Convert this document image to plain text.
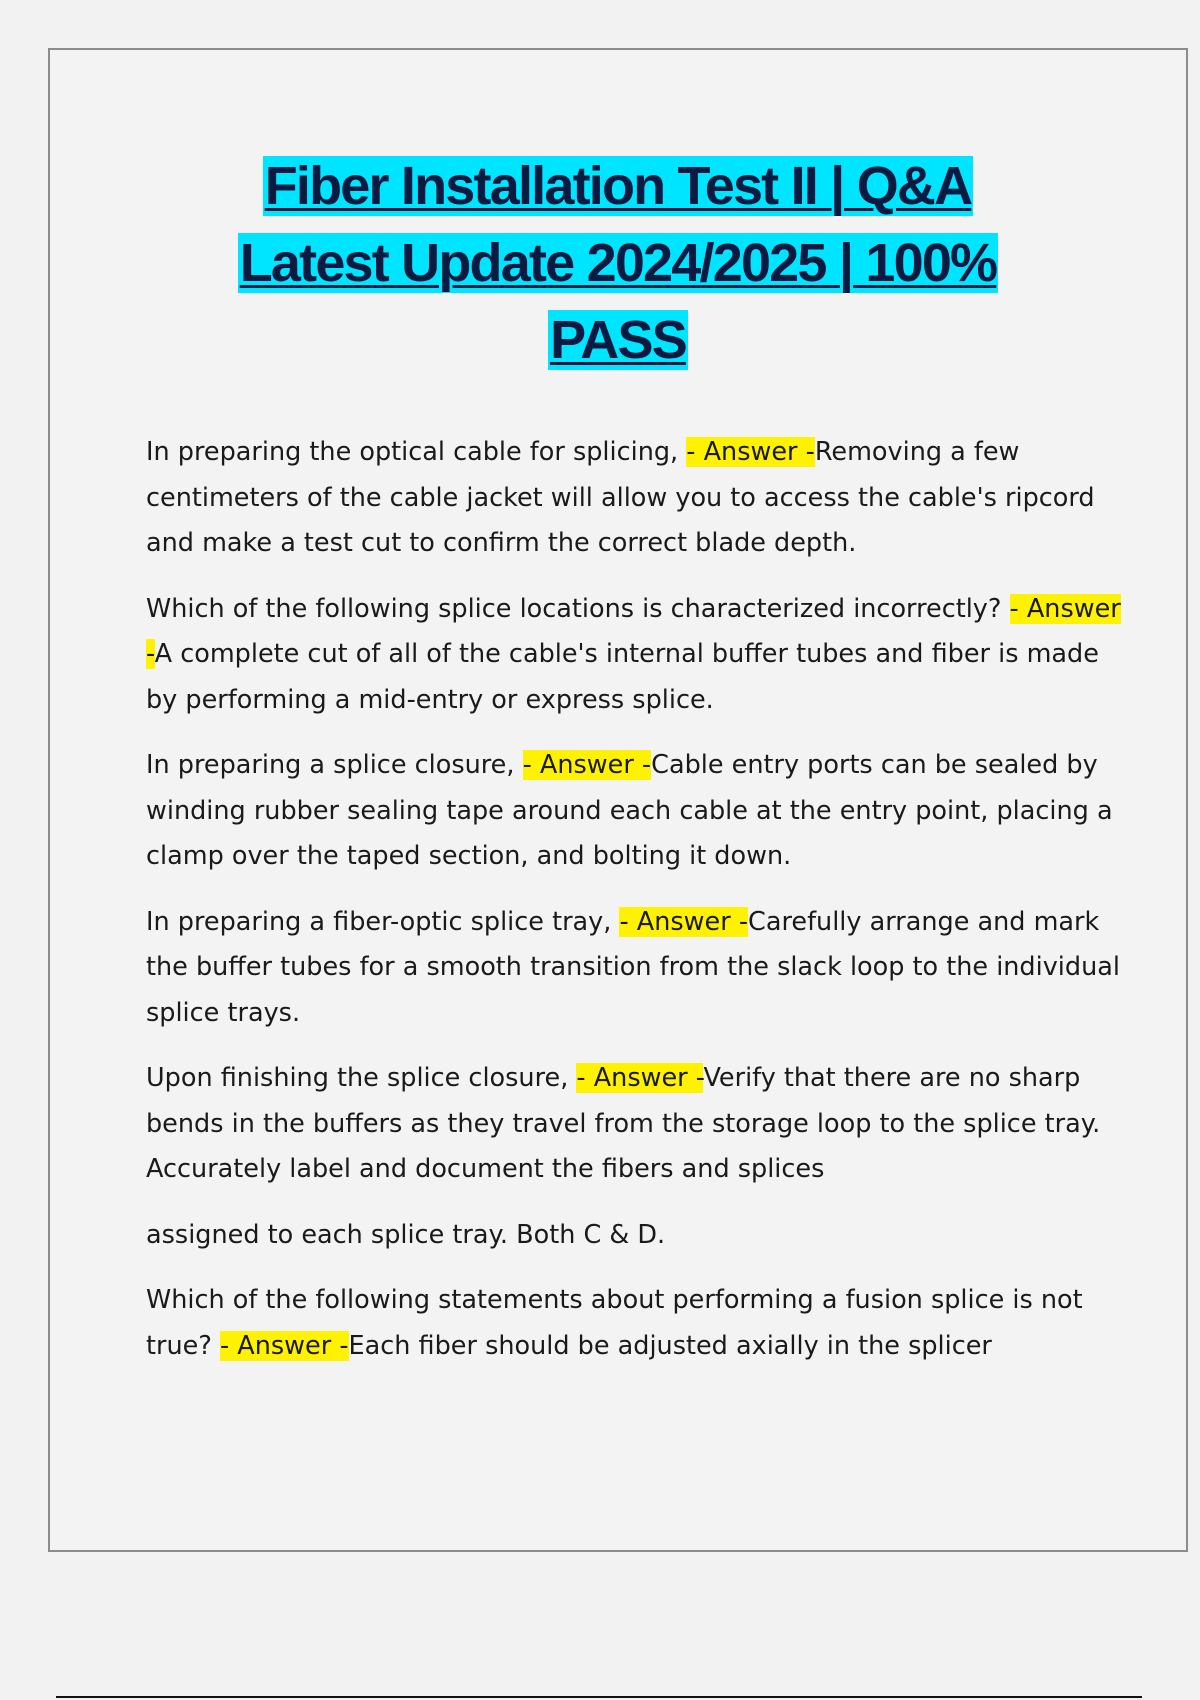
Fiber Installation Test II | Q&A
Latest Update 2024/2025 | 100%
PASS

In preparing the optical cable for splicing, - Answer -Removing a few centimeters of the cable jacket will allow you to access the cable's ripcord and make a test cut to confirm the correct blade depth.

Which of the following splice locations is characterized incorrectly? - Answer -A complete cut of all of the cable's internal buffer tubes and fiber is made by performing a mid-entry or express splice.

In preparing a splice closure, - Answer -Cable entry ports can be sealed by winding rubber sealing tape around each cable at the entry point, placing a clamp over the taped section, and bolting it down.

In preparing a fiber-optic splice tray, - Answer -Carefully arrange and mark the buffer tubes for a smooth transition from the slack loop to the individual splice trays.

Upon finishing the splice closure, - Answer -Verify that there are no sharp bends in the buffers as they travel from the storage loop to the splice tray. Accurately label and document the fibers and splices

assigned to each splice tray. Both C & D.

Which of the following statements about performing a fusion splice is not true? - Answer -Each fiber should be adjusted axially in the splicer
